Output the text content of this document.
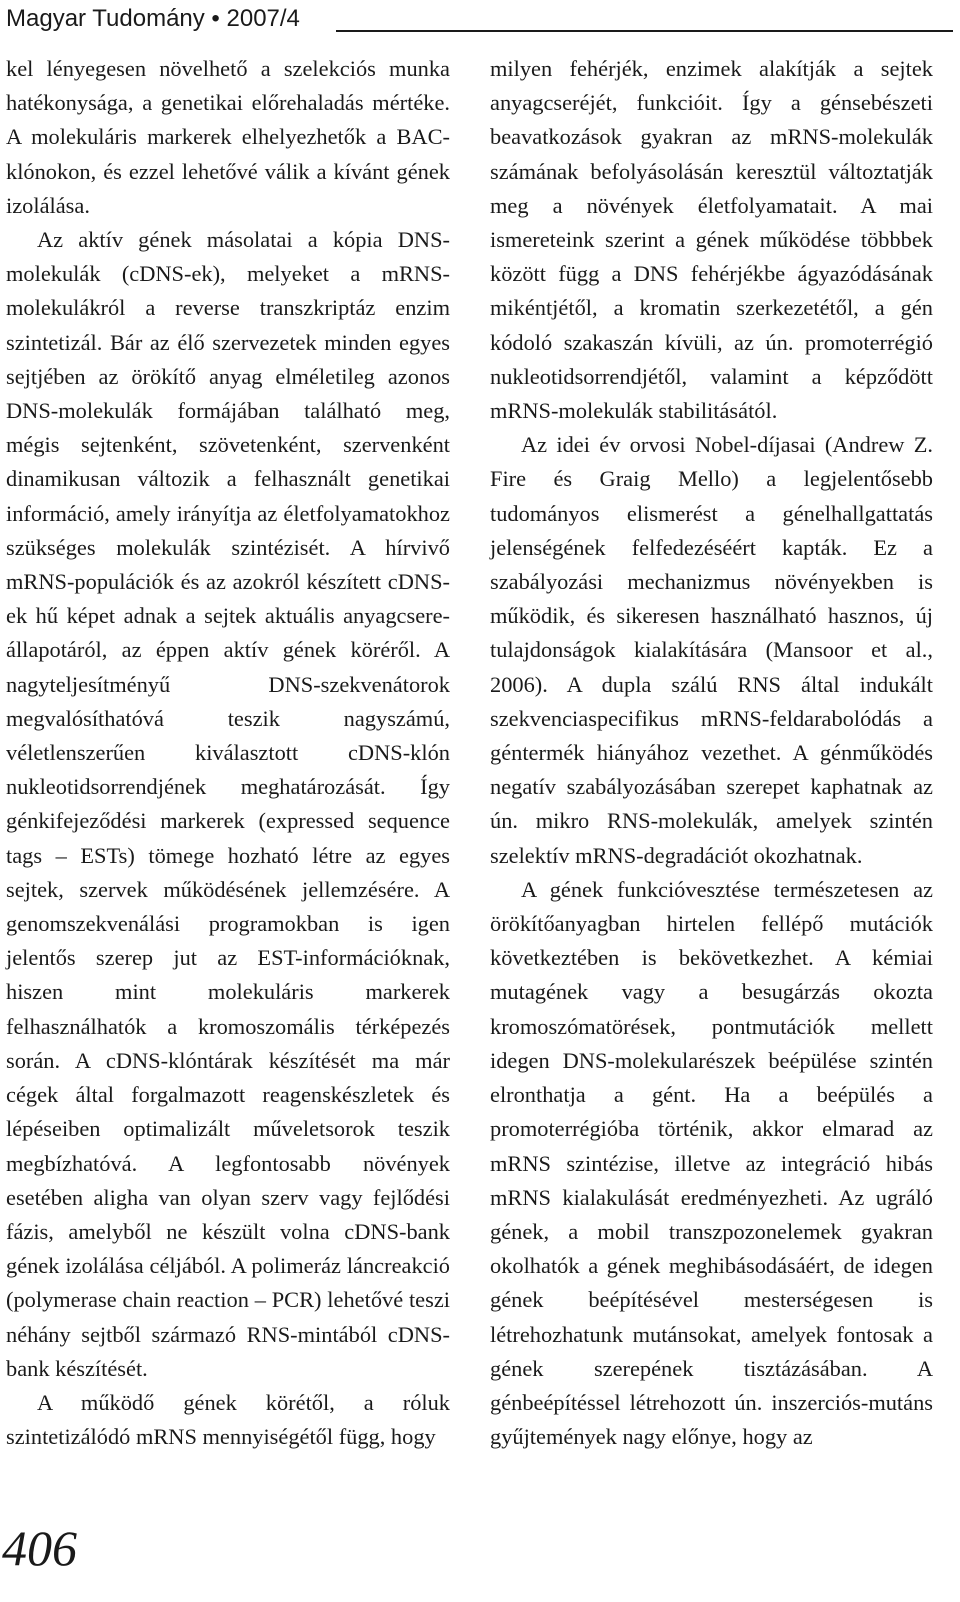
Magyar Tudomány • 2007/4

kel lényegesen növelhető a szelekciós munka hatékonysága, a genetikai előrehaladás mértéke. A molekuláris markerek elhelyezhetők a BAC-klónokon, és ezzel lehetővé válik a kívánt gének izolálása.

Az aktív gének másolatai a kópia DNS-molekulák (cDNS-ek), melyeket a mRNS-molekulákról a reverse transzkriptáz enzim szintetizál. Bár az élő szervezetek minden egyes sejtjében az örökítő anyag elméletileg azonos DNS-molekulák formájában található meg, mégis sejtenként, szövetenként, szervenként dinamikusan változik a felhasznált genetikai információ, amely irányítja az életfolyamatokhoz szükséges molekulák szintézisét. A hírvivő mRNS-populációk és az azokról készített cDNS-ek hű képet adnak a sejtek aktuális anyagcsere-állapotáról, az éppen aktív gének köréről. A nagyteljesítményű DNS-szekvenátorok megvalósíthatóvá teszik nagyszámú, véletlenszerűen kiválasztott cDNS-klón nukleotidsorrendjének meghatározását. Így génkifejeződési markerek (expressed sequence tags – ESTs) tömege hozható létre az egyes sejtek, szervek működésének jellemzésére. A genomszekvenálási programokban is igen jelentős szerep jut az EST-információknak, hiszen mint molekuláris markerek felhasználhatók a kromoszomális térképezés során. A cDNS-klóntárak készítését ma már cégek által forgalmazott reagenskészletek és lépéseiben optimalizált műveletsorok teszik megbízhatóvá. A legfontosabb növények esetében aligha van olyan szerv vagy fejlődési fázis, amelyből ne készült volna cDNS-bank gének izolálása céljából. A polimeráz láncreakció (polymerase chain reaction – PCR) lehetővé teszi néhány sejtből származó RNS-mintából cDNS-bank készítését.

A működő gének körétől, a róluk szintetizálódó mRNS mennyiségétől függ, hogy

milyen fehérjék, enzimek alakítják a sejtek anyagcseréjét, funkcióit. Így a génsebészeti beavatkozások gyakran az mRNS-molekulák számának befolyásolásán keresztül változtatják meg a növények életfolyamatait. A mai ismereteink szerint a gének működése többbek között függ a DNS fehérjékbe ágyazódásának mikéntjétől, a kromatin szerkezetétől, a gén kódoló szakaszán kívüli, az ún. promoterrégió nukleotidsorrendjétől, valamint a képződött mRNS-molekulák stabilitásától.

Az idei év orvosi Nobel-díjasai (Andrew Z. Fire és Graig Mello) a legjelentősebb tudományos elismerést a génelhallgattatás jelenségének felfedezéséért kapták. Ez a szabályozási mechanizmus növényekben is működik, és sikeresen használható hasznos, új tulajdonságok kialakítására (Mansoor et al., 2006). A dupla szálú RNS által indukált szekvenciaspecifikus mRNS-feldarabolódás a géntermék hiányához vezethet. A génműködés negatív szabályozásában szerepet kaphatnak az ún. mikro RNS-molekulák, amelyek szintén szelektív mRNS-degradációt okozhatnak.

A gének funkcióvesztése természetesen az örökítőanyagban hirtelen fellépő mutációk következtében is bekövetkezhet. A kémiai mutagének vagy a besugárzás okozta kromoszómatörések, pontmutációk mellett idegen DNS-molekularészek beépülése szintén elronthatja a gént. Ha a beépülés a promoterrégióba történik, akkor elmarad az mRNS szintézise, illetve az integráció hibás mRNS kialakulását eredményezheti. Az ugráló gének, a mobil transzpozonelemek gyakran okolhatók a gének meghibásodásáért, de idegen gének beépítésével mesterségesen is létrehozhatunk mutánsokat, amelyek fontosak a gének szerepének tisztázásában. A génbeépítéssel létrehozott ún. inszerciós-mutáns gyűjtemények nagy előnye, hogy az

406
